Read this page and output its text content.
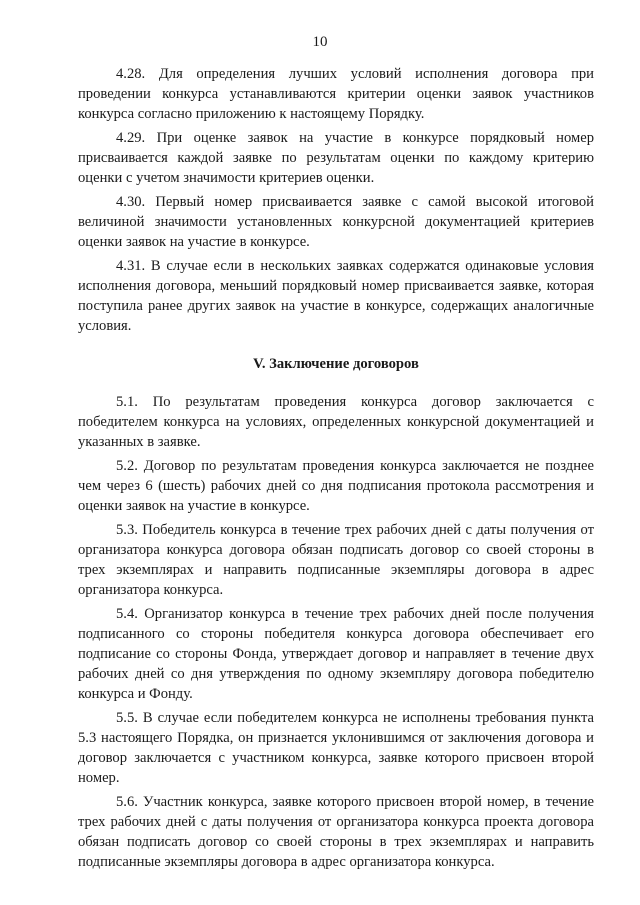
10

4.28. Для определения лучших условий исполнения договора при проведении конкурса устанавливаются критерии оценки заявок участников конкурса согласно приложению к настоящему Порядку.

4.29. При оценке заявок на участие в конкурсе порядковый номер присваивается каждой заявке по результатам оценки по каждому критерию оценки с учетом значимости критериев оценки.

4.30. Первый номер присваивается заявке с самой высокой итоговой величиной значимости установленных конкурсной документацией критериев оценки заявок на участие в конкурсе.

4.31. В случае если в нескольких заявках содержатся одинаковые условия исполнения договора, меньший порядковый номер присваивается заявке, которая поступила ранее других заявок на участие в конкурсе, содержащих аналогичные условия.

V. Заключение договоров

5.1. По результатам проведения конкурса договор заключается с победителем конкурса на условиях, определенных конкурсной документацией и указанных в заявке.

5.2. Договор по результатам проведения конкурса заключается не позднее чем через 6 (шесть) рабочих дней со дня подписания протокола рассмотрения и оценки заявок на участие в конкурсе.

5.3. Победитель конкурса в течение трех рабочих дней с даты получения от организатора конкурса договора обязан подписать договор со своей стороны в трех экземплярах и направить подписанные экземпляры договора в адрес организатора конкурса.

5.4. Организатор конкурса в течение трех рабочих дней после получения подписанного со стороны победителя конкурса договора обеспечивает его подписание со стороны Фонда, утверждает договор и направляет в течение двух рабочих дней со дня утверждения по одному экземпляру договора победителю конкурса и Фонду.

5.5. В случае если победителем конкурса не исполнены требования пункта 5.3 настоящего Порядка, он признается уклонившимся от заключения договора и договор заключается с участником конкурса, заявке которого присвоен второй номер.

5.6. Участник конкурса, заявке которого присвоен второй номер, в течение трех рабочих дней с даты получения от организатора конкурса проекта договора обязан подписать договор со своей стороны в трех экземплярах и направить подписанные экземпляры договора в адрес организатора конкурса.
